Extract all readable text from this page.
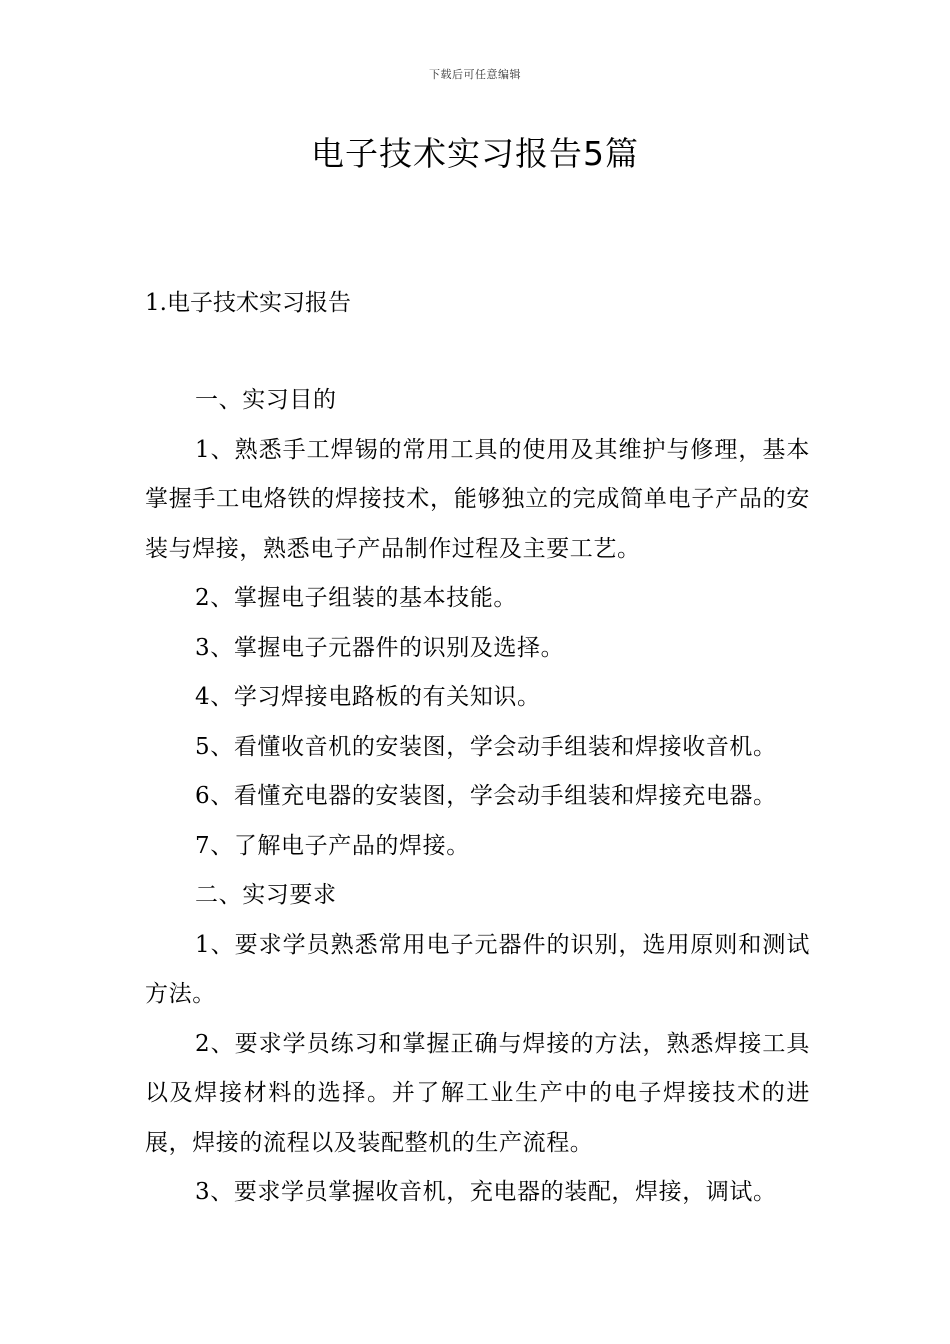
下载后可任意编辑
电子技术实习报告5篇
1.电子技术实习报告

一、实习目的

1、熟悉手工焊锡的常用工具的使用及其维护与修理，基本掌握手工电烙铁的焊接技术，能够独立的完成简单电子产品的安装与焊接，熟悉电子产品制作过程及主要工艺。

2、掌握电子组装的基本技能。

3、掌握电子元器件的识别及选择。

4、学习焊接电路板的有关知识。

5、看懂收音机的安装图，学会动手组装和焊接收音机。

6、看懂充电器的安装图，学会动手组装和焊接充电器。

7、了解电子产品的焊接。

二、实习要求

1、要求学员熟悉常用电子元器件的识别，选用原则和测试方法。

2、要求学员练习和掌握正确与焊接的方法，熟悉焊接工具以及焊接材料的选择。并了解工业生产中的电子焊接技术的进展，焊接的流程以及装配整机的生产流程。

3、要求学员掌握收音机，充电器的装配，焊接，调试。
